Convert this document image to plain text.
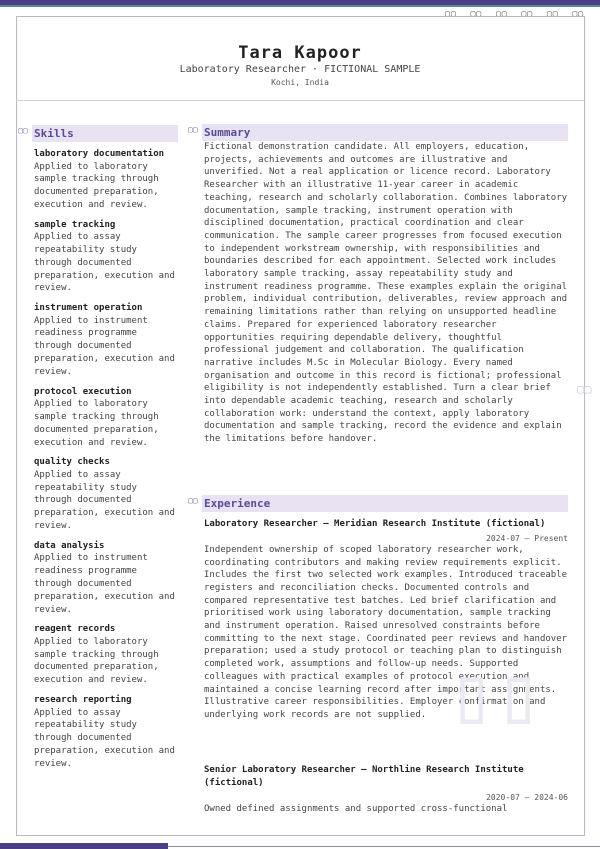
▢▢ ▢▢ ▢▢ ▢▢ ▢▢ ▢▢
Tara Kapoor
Laboratory Researcher · FICTIONAL SAMPLE
Kochi, India
▢▢ Skills
laboratory documentation
Applied to laboratory sample tracking through documented preparation, execution and review.
sample tracking
Applied to assay repeatability study through documented preparation, execution and review.
instrument operation
Applied to instrument readiness programme through documented preparation, execution and review.
protocol execution
Applied to laboratory sample tracking through documented preparation, execution and review.
quality checks
Applied to assay repeatability study through documented preparation, execution and review.
data analysis
Applied to instrument readiness programme through documented preparation, execution and review.
reagent records
Applied to laboratory sample tracking through documented preparation, execution and review.
research reporting
Applied to assay repeatability study through documented preparation, execution and review.
▢▢ Summary
Fictional demonstration candidate. All employers, education, projects, achievements and outcomes are illustrative and unverified. Not a real application or licence record. Laboratory Researcher with an illustrative 11-year career in academic teaching, research and scholarly collaboration. Combines laboratory documentation, sample tracking, instrument operation with disciplined documentation, practical coordination and clear communication. The sample career progresses from focused execution to independent workstream ownership, with responsibilities and boundaries described for each appointment. Selected work includes laboratory sample tracking, assay repeatability study and instrument readiness programme. These examples explain the original problem, individual contribution, deliverables, review approach and remaining limitations rather than relying on unsupported headline claims. Prepared for experienced laboratory researcher opportunities requiring dependable delivery, thoughtful professional judgement and collaboration. The qualification narrative includes M.Sc in Molecular Biology. Every named organisation and outcome in this record is fictional; professional eligibility is not independently established. Turn a clear brief into dependable academic teaching, research and scholarly collaboration work: understand the context, apply laboratory documentation and sample tracking, record the evidence and explain the limitations before handover.
▢▢ Experience
Laboratory Researcher — Meridian Research Institute (fictional)
2024-07 – Present
Independent ownership of scoped laboratory researcher work, coordinating contributors and making review requirements explicit. Includes the first two selected work examples. Introduced traceable registers and reconciliation checks. Documented controls and compared representative test batches. Led brief clarification and prioritised work using laboratory documentation, sample tracking and instrument operation. Raised unresolved constraints before committing to the next stage. Coordinated peer reviews and handover preparation; used a study protocol or teaching plan to distinguish completed work, assumptions and follow-up needs. Supported colleagues with practical examples of protocol execution and maintained a concise learning record after important assignments. Illustrative career responsibilities. Employer confirmation and underlying work records are not supplied.
Senior Laboratory Researcher — Northline Research Institute (fictional)
2020-07 – 2024-06
Owned defined assignments and supported cross-functional
▢▢
▯▯
